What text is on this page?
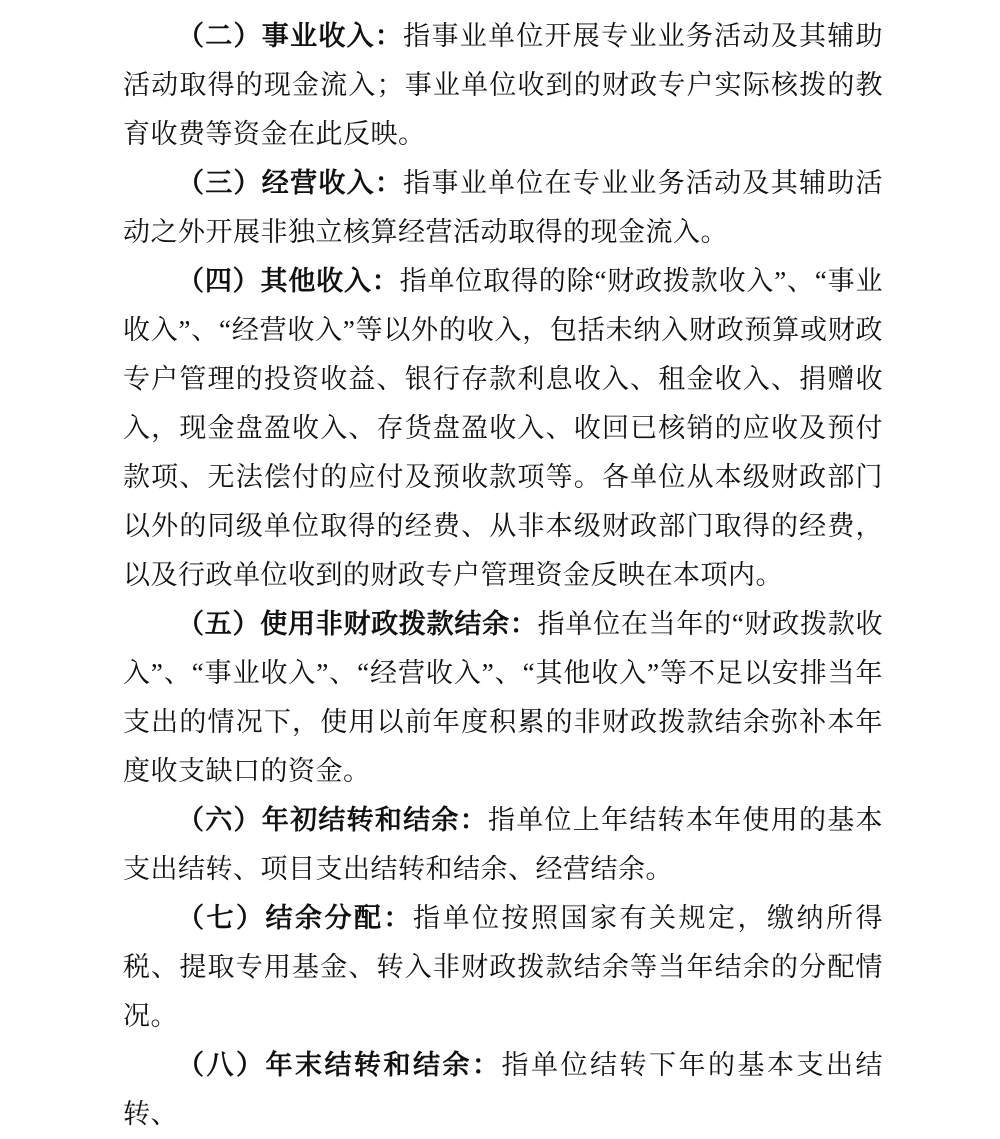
（二）事业收入：指事业单位开展专业业务活动及其辅助活动取得的现金流入；事业单位收到的财政专户实际核拨的教育收费等资金在此反映。

（三）经营收入：指事业单位在专业业务活动及其辅助活动之外开展非独立核算经营活动取得的现金流入。

（四）其他收入：指单位取得的除“财政拨款收入”、“事业收入”、“经营收入”等以外的收入，包括未纳入财政预算或财政专户管理的投资收益、银行存款利息收入、租金收入、捐赠收入，现金盘盈收入、存货盘盈收入、收回已核销的应收及预付款项、无法偿付的应付及预收款项等。各单位从本级财政部门以外的同级单位取得的经费、从非本级财政部门取得的经费，以及行政单位收到的财政专户管理资金反映在本项内。

（五）使用非财政拨款结余：指单位在当年的“财政拨款收入”、“事业收入”、“经营收入”、“其他收入”等不足以安排当年支出的情况下，使用以前年度积累的非财政拨款结余弥补本年度收支缺口的资金。

（六）年初结转和结余：指单位上年结转本年使用的基本支出结转、项目支出结转和结余、经营结余。

（七）结余分配：指单位按照国家有关规定，缴纳所得税、提取专用基金、转入非财政拨款结余等当年结余的分配情况。

（八）年末结转和结余：指单位结转下年的基本支出结转、
